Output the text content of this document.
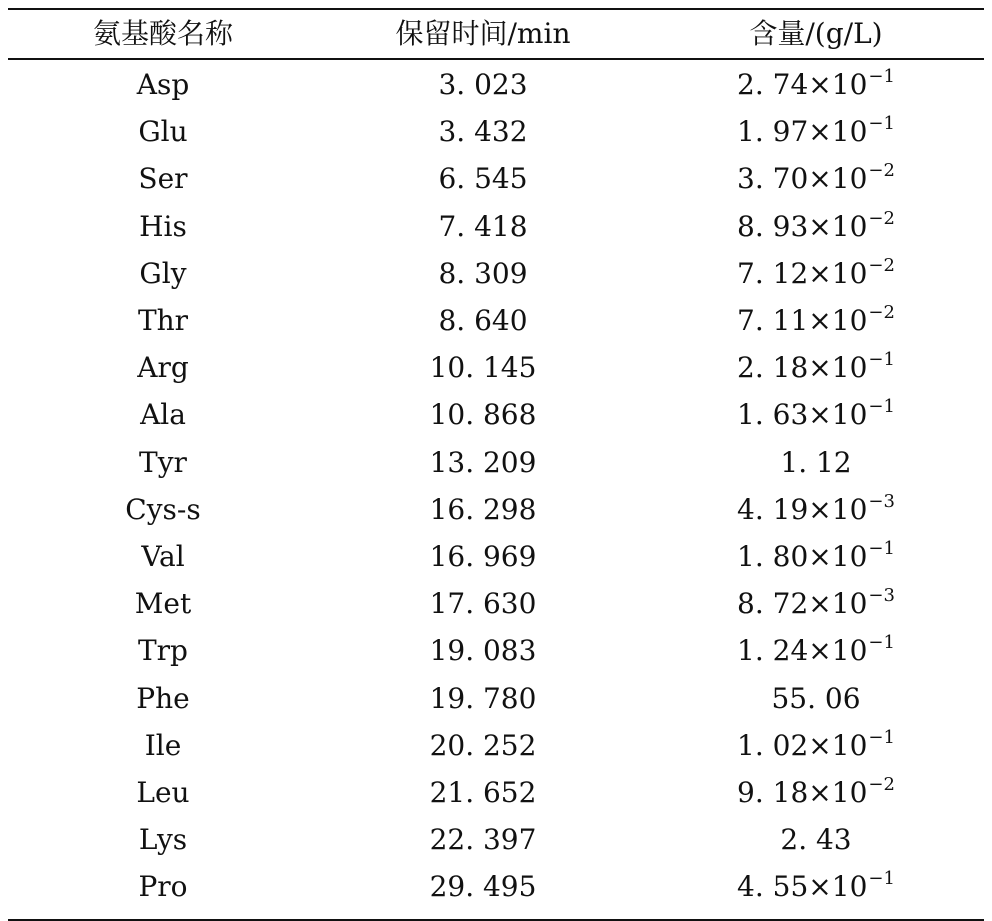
氨基酸名称	保留时间/min	含量/(g/L)
Asp	3. 023	2. $74\times 10^{-1}$
Glu	3. 432	1. $97\times 10^{-1}$
Ser	6. 545	3. $70\times 10^{-2}$
His	7. 418	8. $93\times 10^{-2}$
Gly	8. 309	7. $12\times 10^{-2}$
Thr	8. 640	7. $11\times 10^{-2}$
Arg	10. 145	2. $18\times 10^{-1}$
Ala	10. 868	1. $63\times 10^{-1}$
Tyr	13. 209	1. 12
Cys-s	16. 298	4. $19\times 10^{-3}$
Val	16. 969	1. $80\times 10^{-1}$
Met	17. 630	8. $72\times 10^{-3}$
Trp	19. 083	1. $24\times 10^{-1}$
Phe	19. 780	55. 06
Ile	20. 252	1. $02\times 10^{-1}$
Leu	21. 652	9. $18\times 10^{-2}$
Lys	22. 397	2. 43
Pro	29. 495	4. $55\times 10^{-1}$
